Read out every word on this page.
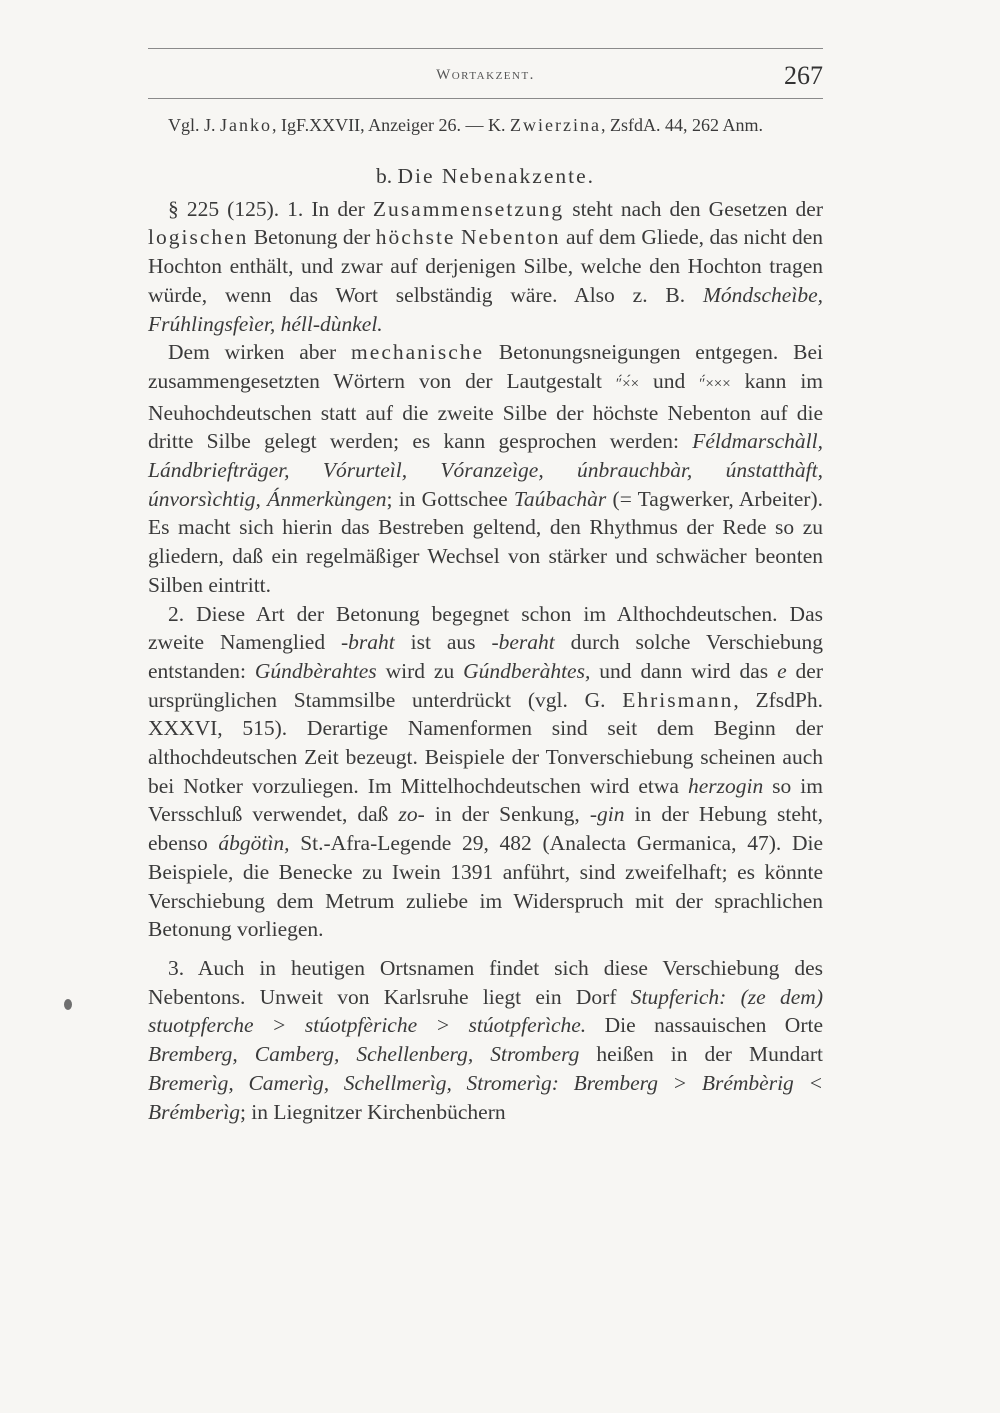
Wortakzent.	267
Vgl. J. Janko, IgF.XXVII, Anzeiger 26. — K. Zwierzina, ZsfdA. 44, 262 Anm.
b. Die Nebenakzente.

§ 225 (125). 1. In der Zusammensetzung steht nach den Gesetzen der logischen Betonung der höchste Nebenton auf dem Gliede, das nicht den Hochton enthält, und zwar auf derjenigen Silbe, welche den Hochton tragen würde, wenn das Wort selbständig wäre. Also z. B. Móndscheìbe, Frúhlingsfeìer, héll-dùnkel.

Dem wirken aber mechanische Betonungsneigungen entgegen. Bei zusammengesetzten Wörtern von der Lautgestalt ″́×́× und ″́××× kann im Neuhochdeutschen statt auf die zweite Silbe der höchste Nebenton auf die dritte Silbe gelegt werden; es kann gesprochen werden: Féldmarschàll, Lándbriefträger, Vórurteìl, Vóranzeìge, únbrauchbàr, únstatthàft, únvorsìchtig, Ánmerkùngen; in Gottschee Taúbachàr (= Tagwerker, Arbeiter). Es macht sich hierin das Bestreben geltend, den Rhythmus der Rede so zu gliedern, daß ein regelmäßiger Wechsel von stärker und schwächer beonten Silben eintritt.

2. Diese Art der Betonung begegnet schon im Althochdeutschen. Das zweite Namenglied -braht ist aus -beraht durch solche Verschiebung entstanden: Gúndbèrahtes wird zu Gúndberàhtes, und dann wird das e der ursprünglichen Stammsilbe unterdrückt (vgl. G. Ehrismann, ZfsdPh. XXXVI, 515). Derartige Namenformen sind seit dem Beginn der althochdeutschen Zeit bezeugt. Beispiele der Tonverschiebung scheinen auch bei Notker vorzuliegen. Im Mittelhochdeutschen wird etwa herzogin so im Versschluß verwendet, daß zo- in der Senkung, -gin in der Hebung steht, ebenso ábgötìn, St.-Afra-Legende 29, 482 (Analecta Germanica, 47). Die Beispiele, die Benecke zu Iwein 1391 anführt, sind zweifelhaft; es könnte Verschiebung dem Metrum zuliebe im Widerspruch mit der sprachlichen Betonung vorliegen.

3. Auch in heutigen Ortsnamen findet sich diese Verschiebung des Nebentons. Unweit von Karlsruhe liegt ein Dorf Stupferich: (ze dem) stuotpferche > stúotpfèriche > stúotpferìche. Die nassauischen Orte Bremberg, Camberg, Schellenberg, Stromberg heißen in der Mundart Bremerìg, Camerìg, Schellmerìg, Stromerìg: Bremberg > Brémbèrig < Brémberìg; in Liegnitzer Kirchenbüchern
